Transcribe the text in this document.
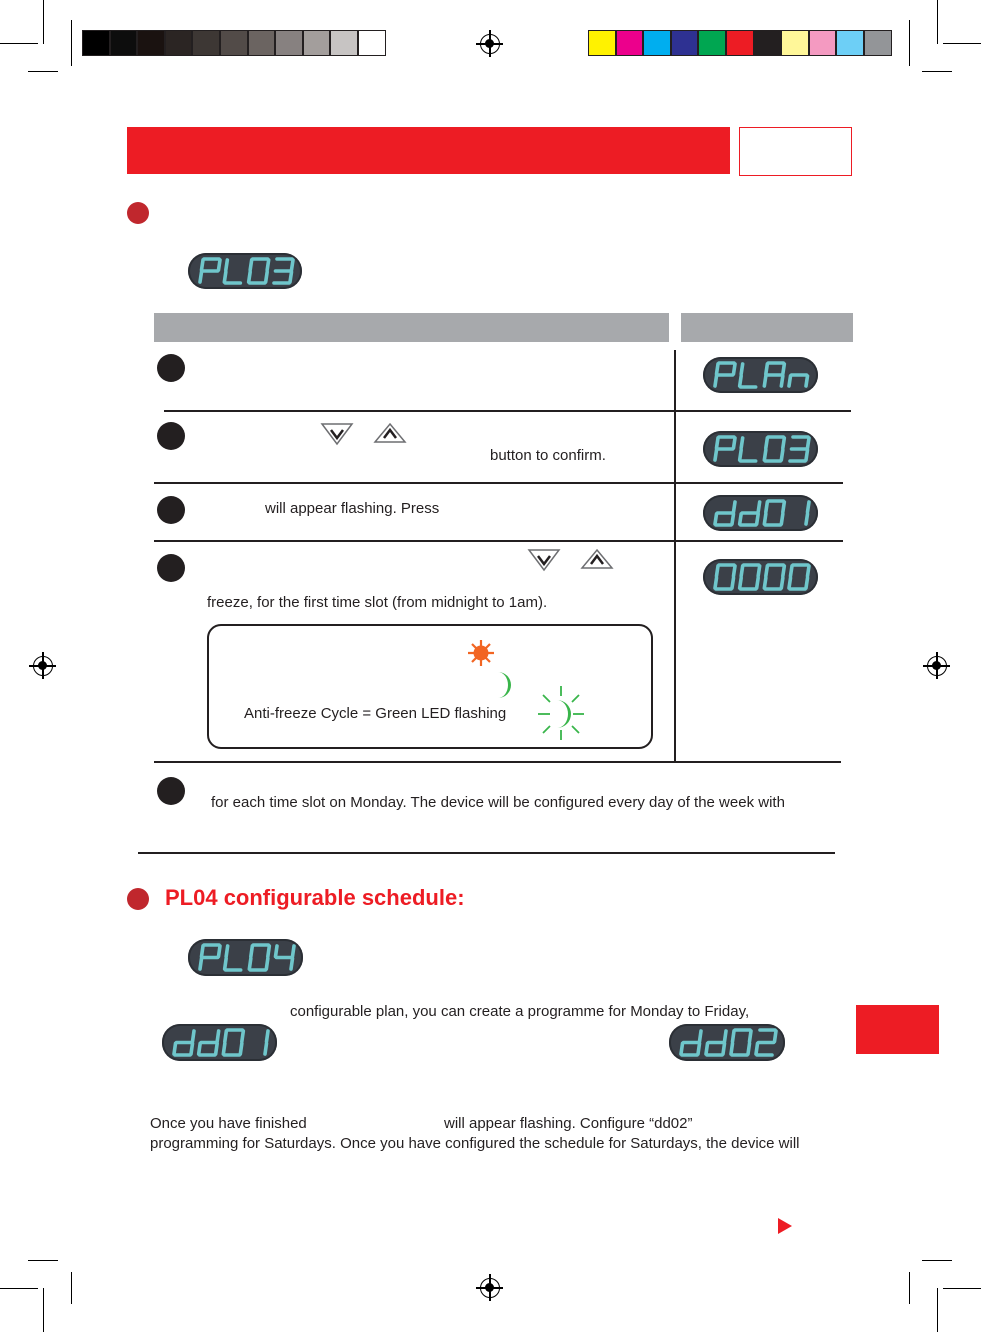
button to confirm.
will appear flashing. Press
freeze, for the first time slot (from midnight to 1am).
Anti-freeze Cycle = Green LED flashing
for each time slot on Monday. The device will be configured every day of the week with
PL04 configurable schedule:
configurable plan, you can create a programme for Monday to Friday,
Once you have finished	will appear flashing. Configure “dd02”
programming for Saturdays. Once you have configured the schedule for Saturdays, the device will
